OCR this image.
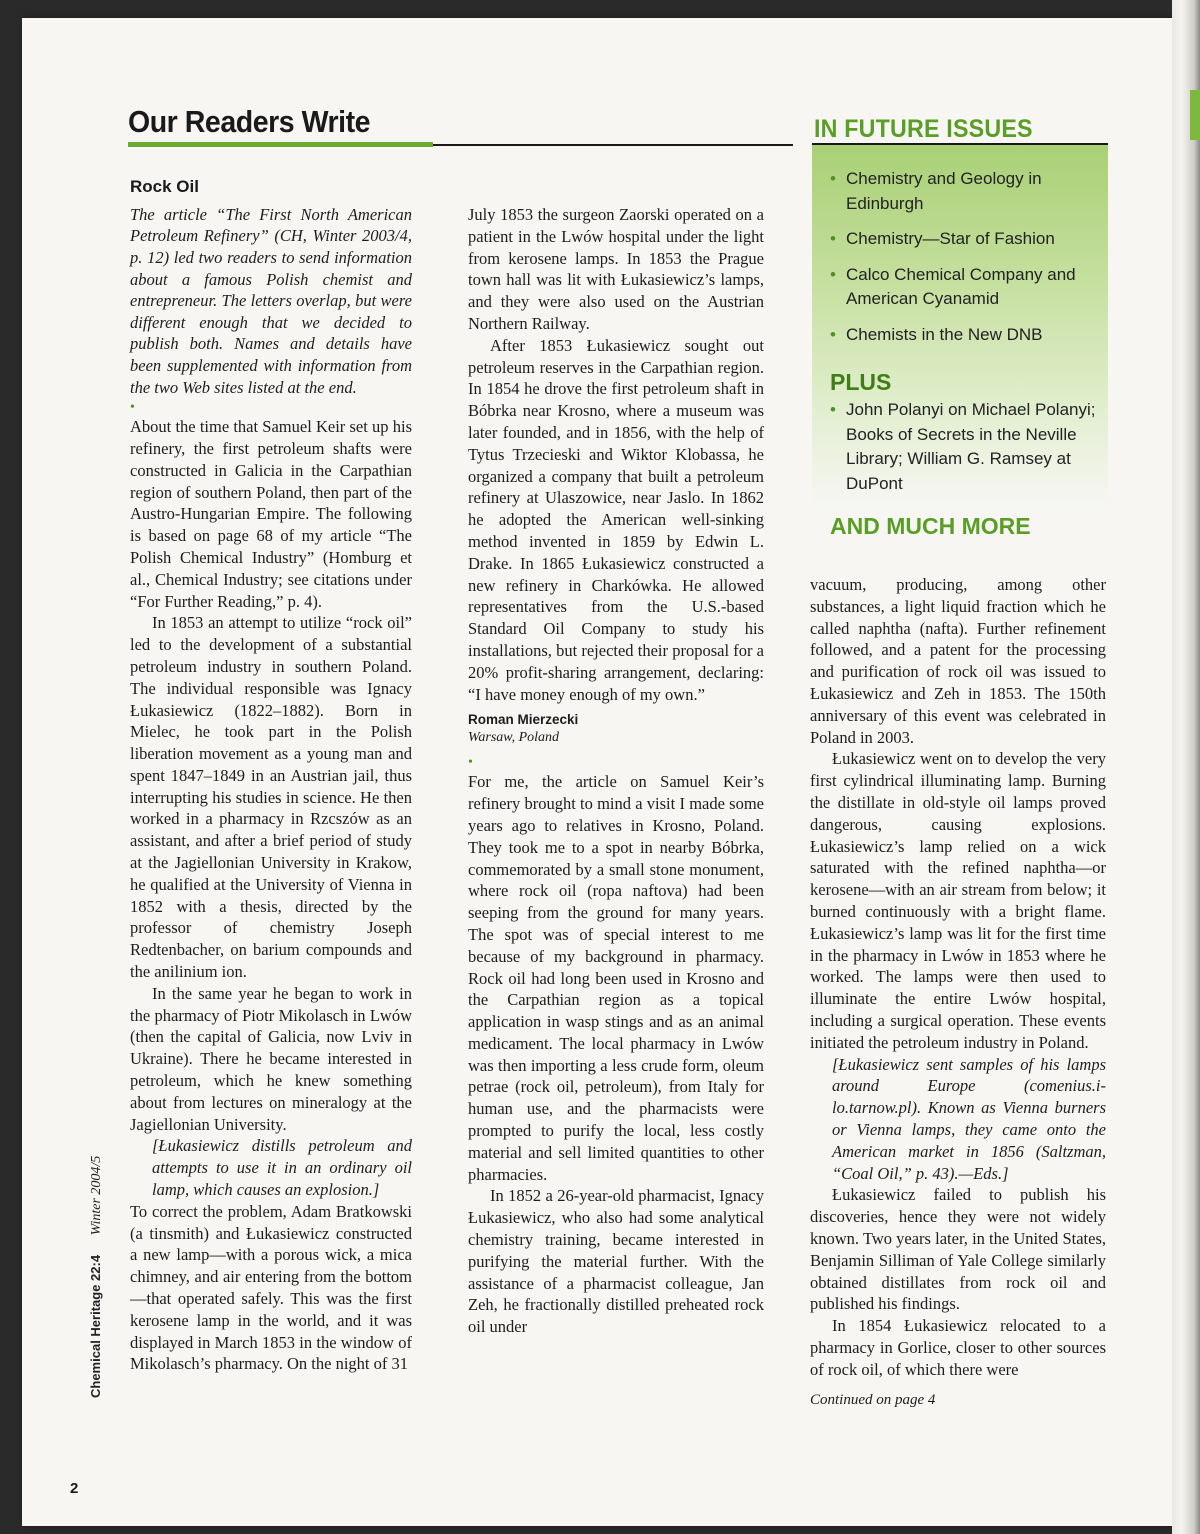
Our Readers Write	IN FUTURE ISSUES
• Chemistry and Geology in Edinburgh
• Chemistry—Star of Fashion
• Calco Chemical Company and American Cyanamid
• Chemists in the New DNB
PLUS
• John Polanyi on Michael Polanyi; Books of Secrets in the Neville Library; William G. Ramsey at DuPont
AND MUCH MORE
Rock Oil

The article “The First North American Petroleum Refinery” (CH, Winter 2003/4, p. 12) led two readers to send information about a famous Polish chemist and entrepreneur. The letters overlap, but were different enough that we decided to publish both. Names and details have been supplemented with information from the two Web sites listed at the end.

•

About the time that Samuel Keir set up his refinery, the first petroleum shafts were constructed in Galicia in the Carpathian region of southern Poland, then part of the Austro-Hungarian Empire. The following is based on page 68 of my article “The Polish Chemical Industry” (Homburg et al., Chemical Industry; see citations under “For Further Reading,” p. 4).

In 1853 an attempt to utilize “rock oil” led to the development of a substantial petroleum industry in southern Poland. The individual responsible was Ignacy Łukasiewicz (1822–1882). Born in Mielec, he took part in the Polish liberation movement as a young man and spent 1847–1849 in an Austrian jail, thus interrupting his studies in science. He then worked in a pharmacy in Rzcszów as an assistant, and after a brief period of study at the Jagiellonian University in Krakow, he qualified at the University of Vienna in 1852 with a thesis, directed by the professor of chemistry Joseph Redtenbacher, on barium compounds and the anilinium ion.

In the same year he began to work in the pharmacy of Piotr Mikolasch in Lwów (then the capital of Galicia, now Lviv in Ukraine). There he became interested in petroleum, which he knew something about from lectures on mineralogy at the Jagiellonian University.

[Łukasiewicz distills petroleum and attempts to use it in an ordinary oil lamp, which causes an explosion.]

To correct the problem, Adam Bratkowski (a tinsmith) and Łukasiewicz constructed a new lamp—with a porous wick, a mica chimney, and air entering from the bottom—that operated safely. This was the first kerosene lamp in the world, and it was displayed in March 1853 in the window of Mikolasch’s pharmacy. On the night of 31

July 1853 the surgeon Zaorski operated on a patient in the Lwów hospital under the light from kerosene lamps. In 1853 the Prague town hall was lit with Łukasiewicz’s lamps, and they were also used on the Austrian Northern Railway.

After 1853 Łukasiewicz sought out petroleum reserves in the Carpathian region. In 1854 he drove the first petroleum shaft in Bóbrka near Krosno, where a museum was later founded, and in 1856, with the help of Tytus Trzecieski and Wiktor Klobassa, he organized a company that built a petroleum refinery at Ulaszowice, near Jaslo. In 1862 he adopted the American well-sinking method invented in 1859 by Edwin L. Drake. In 1865 Łukasiewicz constructed a new refinery in Charkówka. He allowed representatives from the U.S.-based Standard Oil Company to study his installations, but rejected their proposal for a 20% profit-sharing arrangement, declaring: “I have money enough of my own.”

Roman Mierzecki
Warsaw, Poland
•

For me, the article on Samuel Keir’s refinery brought to mind a visit I made some years ago to relatives in Krosno, Poland. They took me to a spot in nearby Bóbrka, commemorated by a small stone monument, where rock oil (ropa naftova) had been seeping from the ground for many years. The spot was of special interest to me because of my background in pharmacy. Rock oil had long been used in Krosno and the Carpathian region as a topical application in wasp stings and as an animal medicament. The local pharmacy in Lwów was then importing a less crude form, oleum petrae (rock oil, petroleum), from Italy for human use, and the pharmacists were prompted to purify the local, less costly material and sell limited quantities to other pharmacies.

In 1852 a 26-year-old pharmacist, Ignacy Łukasiewicz, who also had some analytical chemistry training, became interested in purifying the material further. With the assistance of a pharmacist colleague, Jan Zeh, he fractionally distilled preheated rock oil under

vacuum, producing, among other substances, a light liquid fraction which he called naphtha (nafta). Further refinement followed, and a patent for the processing and purification of rock oil was issued to Łukasiewicz and Zeh in 1853. The 150th anniversary of this event was celebrated in Poland in 2003.

Łukasiewicz went on to develop the very first cylindrical illuminating lamp. Burning the distillate in old-style oil lamps proved dangerous, causing explosions. Łukasiewicz’s lamp relied on a wick saturated with the refined naphtha—or kerosene—with an air stream from below; it burned continuously with a bright flame. Łukasiewicz’s lamp was lit for the first time in the pharmacy in Lwów in 1853 where he worked. The lamps were then used to illuminate the entire Lwów hospital, including a surgical operation. These events initiated the petroleum industry in Poland.

[Łukasiewicz sent samples of his lamps around Europe (comenius.i-lo.tarnow.pl). Known as Vienna burners or Vienna lamps, they came onto the American market in 1856 (Saltzman, “Coal Oil,” p. 43).—Eds.]

Łukasiewicz failed to publish his discoveries, hence they were not widely known. Two years later, in the United States, Benjamin Silliman of Yale College similarly obtained distillates from rock oil and published his findings.

In 1854 Łukasiewicz relocated to a pharmacy in Gorlice, closer to other sources of rock oil, of which there were

Continued on page 4
Chemical Heritage 22:4 Winter 2004/5
2
